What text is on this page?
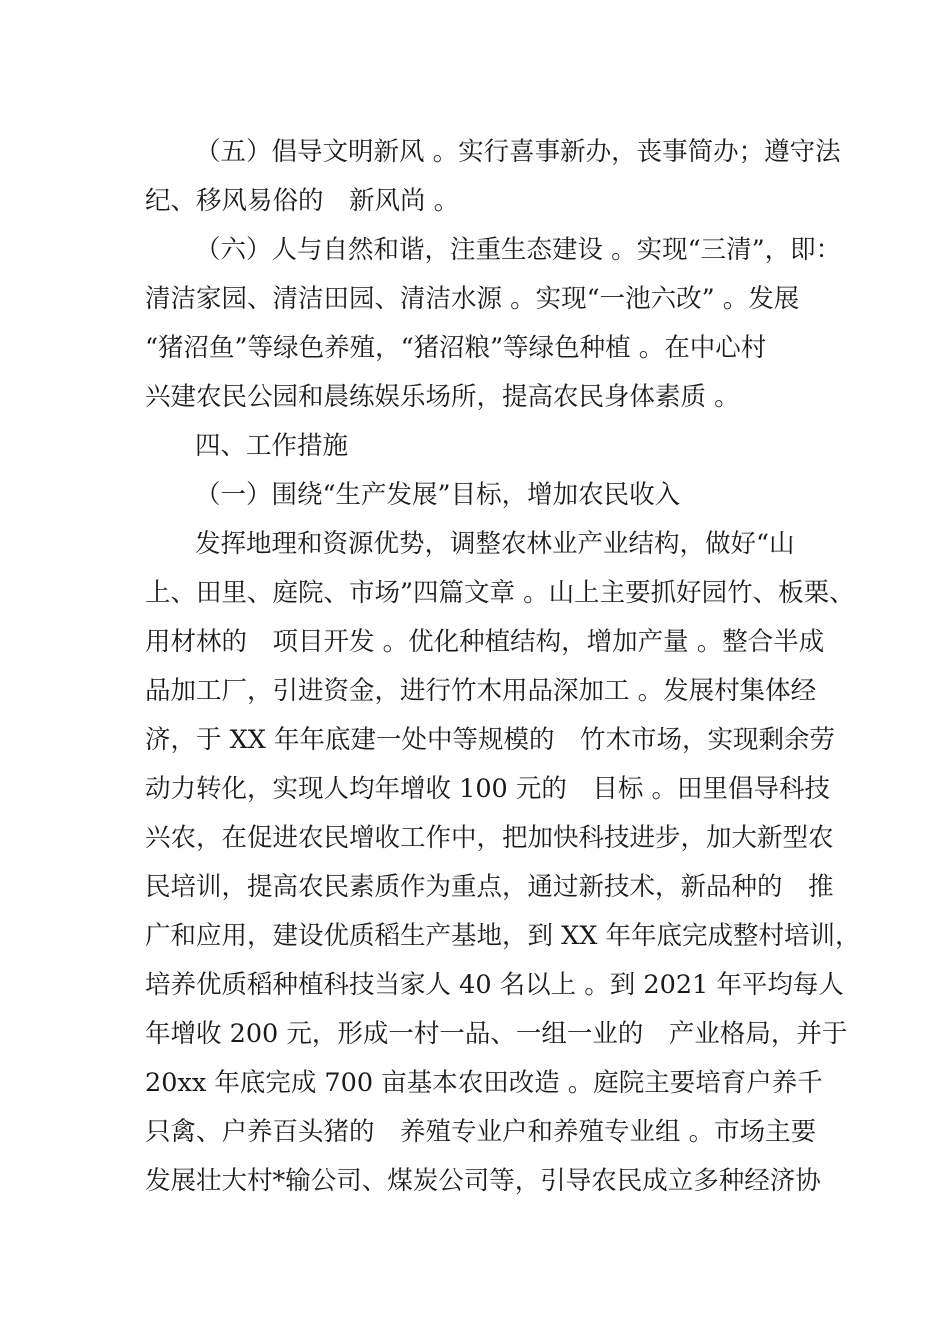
（五）倡导文明新风 。实行喜事新办，丧事简办；遵守法
纪、移风易俗的　新风尚 。
（六）人与自然和谐，注重生态建设 。实现“三清”，即：
清洁家园、清洁田园、清洁水源 。实现“一池六改” 。发展
“猪沼鱼”等绿色养殖，“猪沼粮”等绿色种植 。在中心村
兴建农民公园和晨练娱乐场所，提高农民身体素质 。
四、工作措施
（一）围绕“生产发展”目标，增加农民收入
发挥地理和资源优势，调整农林业产业结构，做好“山
上、田里、庭院、市场”四篇文章 。山上主要抓好园竹、板栗、
用材林的　项目开发 。优化种植结构，增加产量 。整合半成
品加工厂，引进资金，进行竹木用品深加工 。发展村集体经
济，于 XX 年年底建一处中等规模的　竹木市场，实现剩余劳
动力转化，实现人均年增收 100 元的　目标 。田里倡导科技
兴农，在促进农民增收工作中，把加快科技进步，加大新型农
民培训，提高农民素质作为重点，通过新技术，新品种的　推
广和应用，建设优质稻生产基地，到 XX 年年底完成整村培训，
培养优质稻种植科技当家人 40 名以上 。到 2021 年平均每人
年增收 200 元，形成一村一品、一组一业的　产业格局，并于
20xx 年底完成 700 亩基本农田改造 。庭院主要培育户养千
只禽、户养百头猪的　养殖专业户和养殖专业组 。市场主要
发展壮大村*输公司、煤炭公司等，引导农民成立多种经济协
